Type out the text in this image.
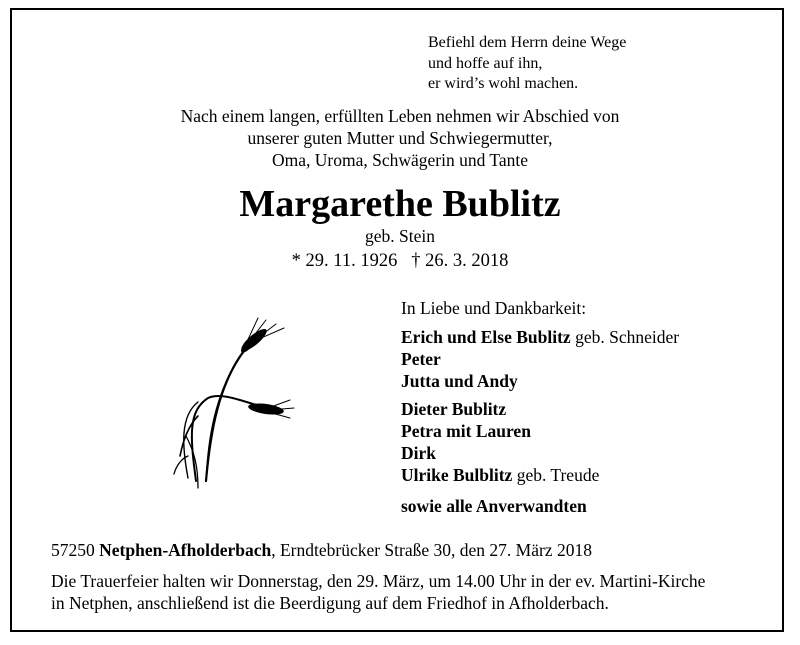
Befiehl dem Herrn deine Wege
und hoffe auf ihn,
er wird’s wohl machen.
Nach einem langen, erfüllten Leben nehmen wir Abschied von
unserer guten Mutter und Schwiegermutter,
Oma, Uroma, Schwägerin und Tante
Margarethe Bublitz
geb. Stein
* 29. 11. 1926 † 26. 3. 2018
In Liebe und Dankbarkeit:
Erich und Else Bublitz geb. Schneider
Peter
Jutta und Andy
Dieter Bublitz
Petra mit Lauren
Dirk
Ulrike Bulblitz geb. Treude
sowie alle Anverwandten
57250 Netphen-Afholderbach, Erndtebrücker Straße 30, den 27. März 2018
Die Trauerfeier halten wir Donnerstag, den 29. März, um 14.00 Uhr in der ev. Martini-Kirche
in Netphen, anschließend ist die Beerdigung auf dem Friedhof in Afholderbach.
